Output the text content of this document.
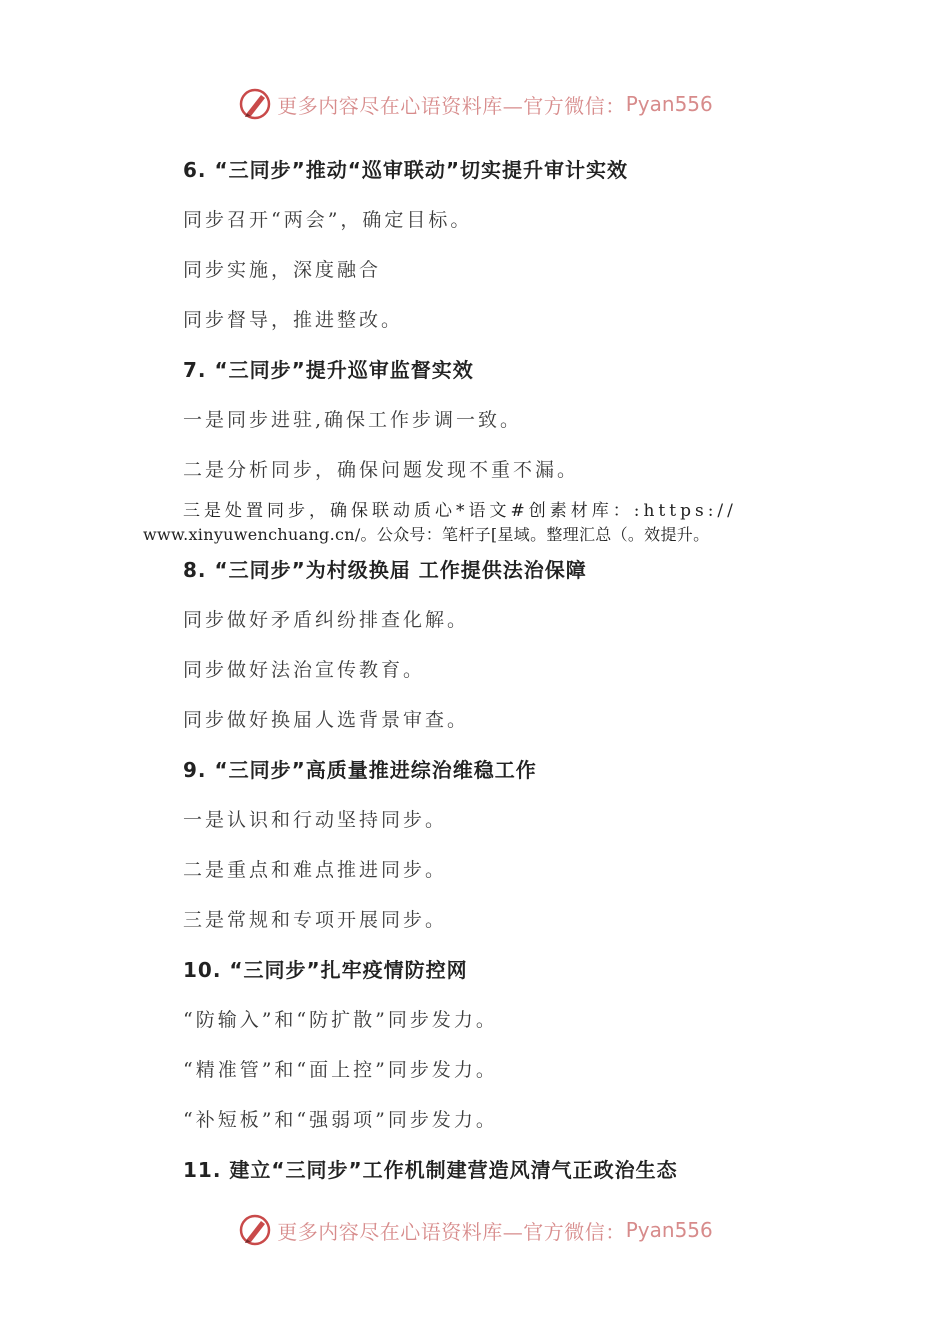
更多内容尽在心语资料库—官方微信： Pyan556
6. “三同步”推动“巡审联动”切实提升审计实效
同步召开“两会”，确定目标。
同步实施，深度融合
同步督导，推进整改。
7. “三同步”提升巡审监督实效
一是同步进驻,确保工作步调一致。
二是分析同步，确保问题发现不重不漏。
三是处置同步，确保联动质心*语文#创素材库：:https://
www.xinyuwenchuang.cn/。公众号：笔杆子[星域。整理汇总（。效提升。
8. “三同步”为村级换届 工作提供法治保障
同步做好矛盾纠纷排查化解。
同步做好法治宣传教育。
同步做好换届人选背景审查。
9. “三同步”高质量推进综治维稳工作
一是认识和行动坚持同步。
二是重点和难点推进同步。
三是常规和专项开展同步。
10. “三同步”扎牢疫情防控网
“防输入”和“防扩散”同步发力。
“精准管”和“面上控”同步发力。
“补短板”和“强弱项”同步发力。
11. 建立“三同步”工作机制建营造风清气正政治生态
更多内容尽在心语资料库—官方微信： Pyan556
